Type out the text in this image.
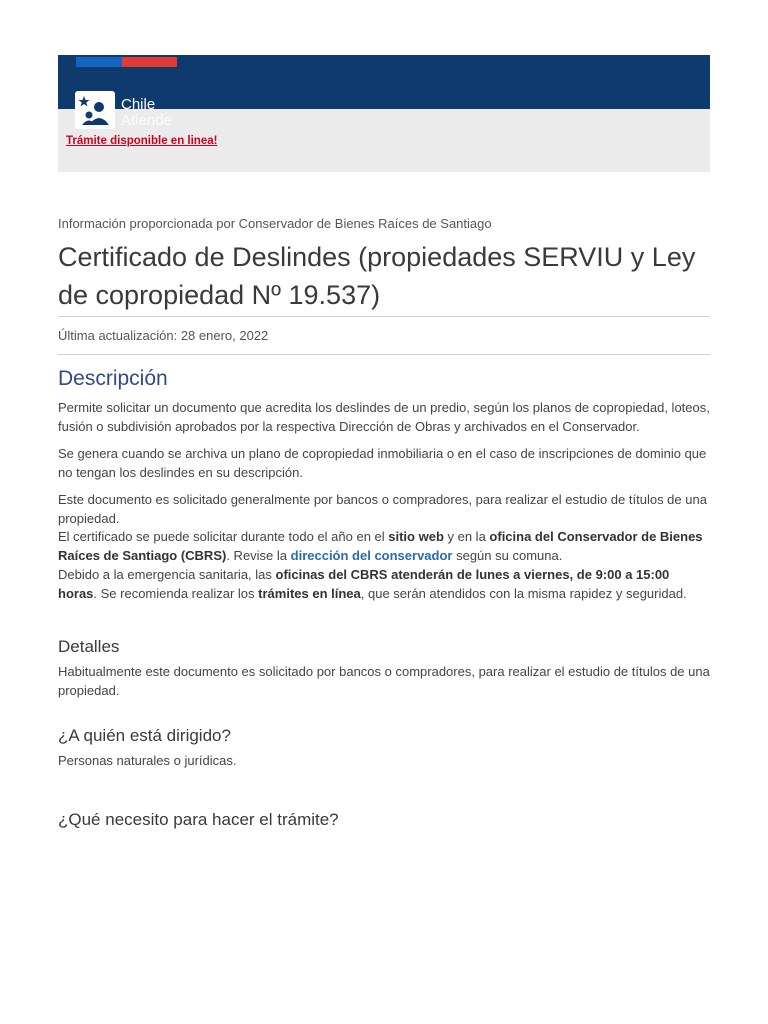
Chile
Atiende
Trámite disponible en linea!
Información proporcionada por Conservador de Bienes Raíces de Santiago
Certificado de Deslindes (propiedades SERVIU y Ley de copropiedad Nº 19.537)
Última actualización: 28 enero, 2022
Descripción

Permite solicitar un documento que acredita los deslindes de un predio, según los planos de copropiedad, loteos, fusión o subdivisión aprobados por la respectiva Dirección de Obras y archivados en el Conservador.

Se genera cuando se archiva un plano de copropiedad inmobiliaria o en el caso de inscripciones de dominio que no tengan los deslindes en su descripción.

Este documento es solicitado generalmente por bancos o compradores, para realizar el estudio de títulos de una propiedad.

El certificado se puede solicitar durante todo el año en el sitio web y en la oficina del Conservador de Bienes Raíces de Santiago (CBRS). Revise la dirección del conservador según su comuna.

Debido a la emergencia sanitaria, las oficinas del CBRS atenderán de lunes a viernes, de 9:00 a 15:00 horas. Se recomienda realizar los trámites en línea, que serán atendidos con la misma rapidez y seguridad.

Detalles

Habitualmente este documento es solicitado por bancos o compradores, para realizar el estudio de títulos de una propiedad.

¿A quién está dirigido?

Personas naturales o jurídicas.

¿Qué necesito para hacer el trámite?
